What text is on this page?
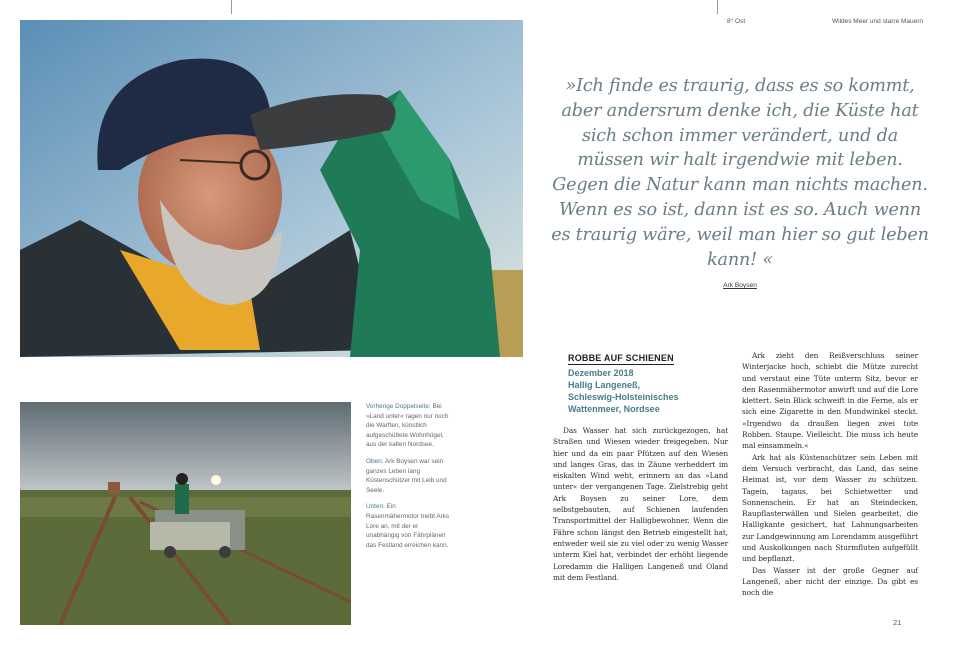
8° Ost	Wildes Meer und starre Mauern

Vorherige Doppelseite: Bei »Land unter« ragen nur noch die Warften, künstlich aufgeschüttete Wohnhügel, aus der kalten Nordsee.

Oben: Ark Boysen war sein ganzes Leben lang Küstenschützer mit Leib und Seele.

Unten: Ein Rasenmähermotor treibt Arks Lore an, mit der er unabhängig von Fährplänen das Festland erreichen kann.

»Ich finde es traurig, dass es so kommt, aber andersrum denke ich, die Küste hat sich schon immer verändert, und da müssen wir halt irgendwie mit leben. Gegen die Natur kann man nichts machen. Wenn es so ist, dann ist es so. Auch wenn es traurig wäre, weil man hier so gut leben kann! «
Ark Boysen
ROBBE AUF SCHIENEN
Dezember 2018
Hallig Langeneß,
Schleswig-Holsteinisches
Wattenmeer, Nordsee

Das Wasser hat sich zurückgezogen, hat Straßen und Wiesen wieder freigegeben. Nur hier und da ein paar Pfützen auf den Wiesen und langes Gras, das in Zäune verheddert im eiskalten Wind weht, erinnern an das »Land unter« der vergangenen Tage. Zielstrebig geht Ark Boysen zu seiner Lore, dem selbstgebauten, auf Schienen laufenden Transportmittel der Halligbewohner. Wenn die Fähre schon längst den Betrieb eingestellt hat, entweder weil sie zu viel oder zu wenig Wasser unterm Kiel hat, verbindet der erhöht liegende Loredamm die Halligen Langeneß und Oland mit dem Festland.

Ark zieht den Reißverschluss seiner Winterjacke hoch, schiebt die Mütze zurecht und verstaut eine Tüte unterm Sitz, bevor er den Rasenmähermotor anwirft und auf die Lore klettert. Sein Blick schweift in die Ferne, als er sich eine Zigarette in den Mundwinkel steckt. »Irgendwo da draußen liegen zwei tote Robben. Staupe. Vielleicht. Die muss ich heute mal einsammeln.«

Ark hat als Küstenschützer sein Leben mit dem Versuch verbracht, das Land, das seine Heimat ist, vor dem Wasser zu schützen. Tagein, tagaus, bei Schietwetter und Sonnenschein. Er hat an Steindecken, Raupflasterwällen und Sielen gearbeitet, die Halligkante gesichert, hat Lahnungsarbeiten zur Landgewinnung am Lorendamm ausgeführt und Auskolkungen nach Sturmfluten aufgefüllt und bepflanzt.

Das Wasser ist der große Gegner auf Langeneß, aber nicht der einzige. Da gibt es noch die

21
